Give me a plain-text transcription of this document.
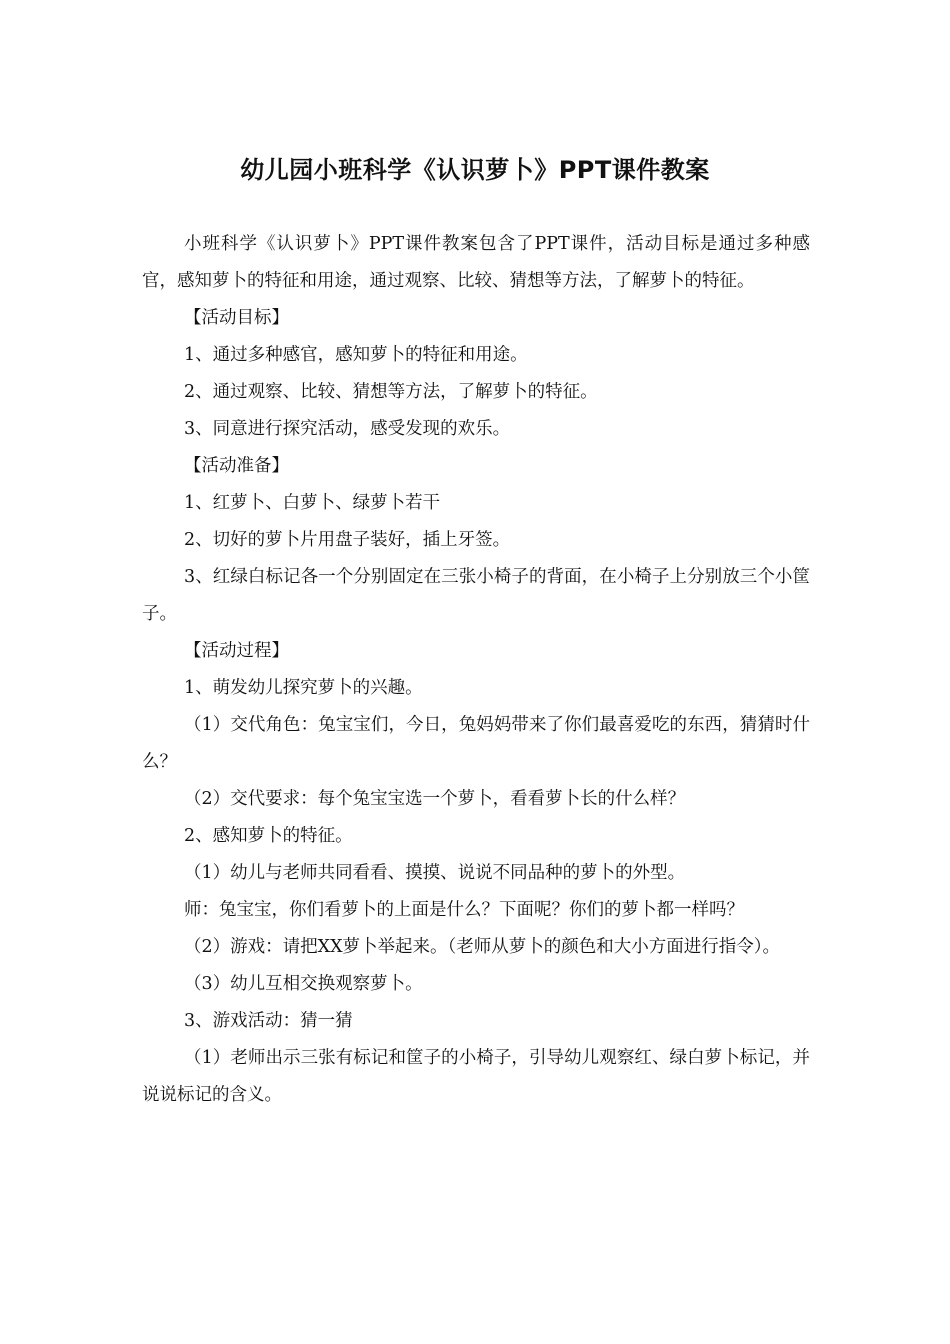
幼儿园小班科学《认识萝卜》PPT课件教案

小班科学《认识萝卜》PPT课件教案包含了PPT课件，活动目标是通过多种感官，感知萝卜的特征和用途，通过观察、比较、猜想等方法，了解萝卜的特征。

【活动目标】

1、通过多种感官，感知萝卜的特征和用途。

2、通过观察、比较、猜想等方法，了解萝卜的特征。

3、同意进行探究活动，感受发现的欢乐。

【活动准备】

1、红萝卜、白萝卜、绿萝卜若干

2、切好的萝卜片用盘子装好，插上牙签。

3、红绿白标记各一个分别固定在三张小椅子的背面，在小椅子上分别放三个小筐子。

【活动过程】

1、萌发幼儿探究萝卜的兴趣。

（1）交代角色：兔宝宝们，今日，兔妈妈带来了你们最喜爱吃的东西，猜猜时什么？

（2）交代要求：每个兔宝宝选一个萝卜，看看萝卜长的什么样？

2、感知萝卜的特征。

（1）幼儿与老师共同看看、摸摸、说说不同品种的萝卜的外型。

师：兔宝宝，你们看萝卜的上面是什么？下面呢？你们的萝卜都一样吗？

（2）游戏：请把XX萝卜举起来。（老师从萝卜的颜色和大小方面进行指令）。

（3）幼儿互相交换观察萝卜。

3、游戏活动：猜一猜

（1）老师出示三张有标记和筐子的小椅子，引导幼儿观察红、绿白萝卜标记，并说说标记的含义。
